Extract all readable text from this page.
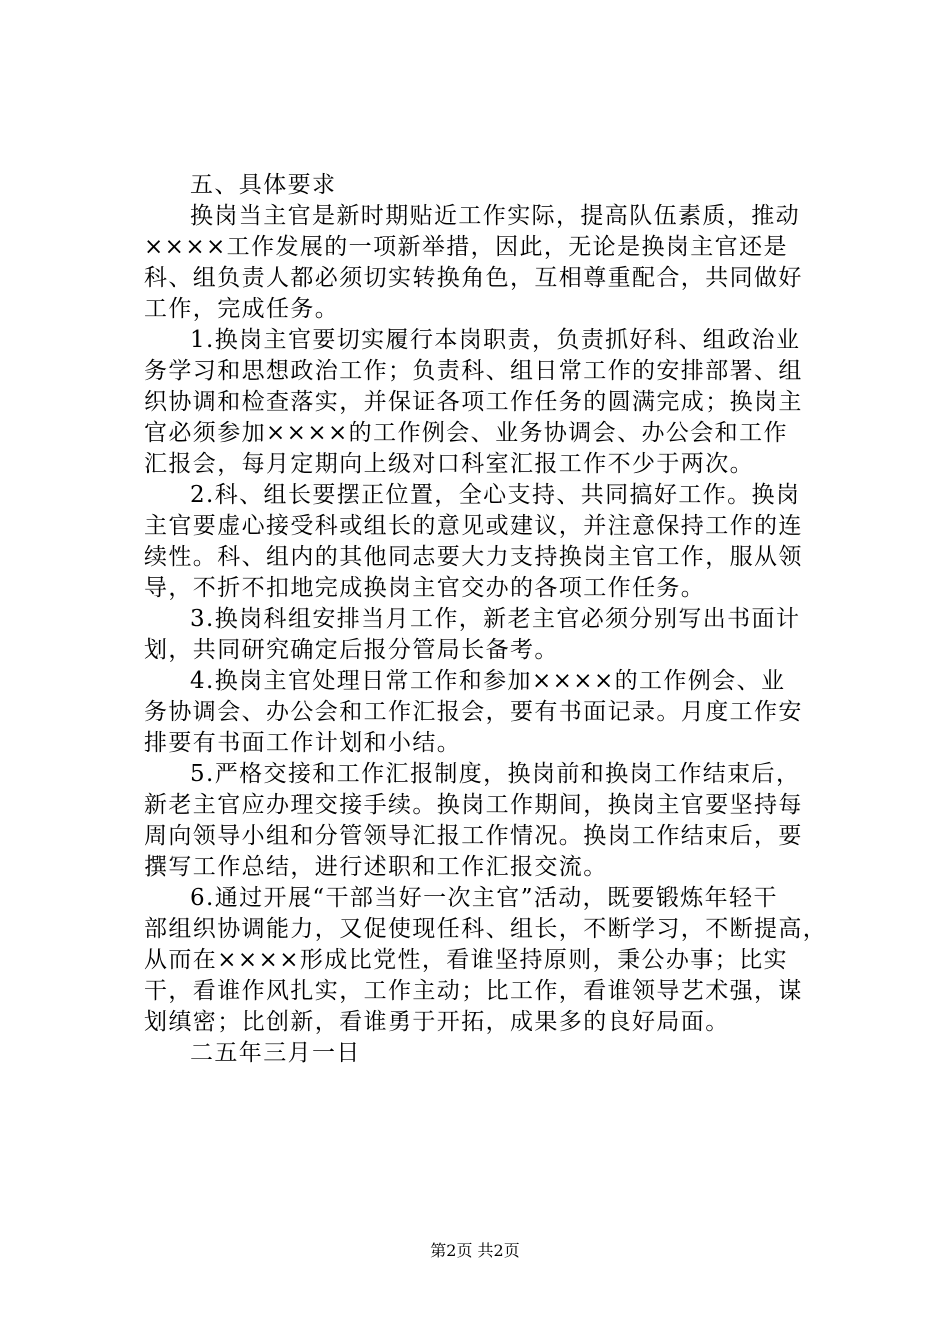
五、具体要求
换岗当主官是新时期贴近工作实际，提高队伍素质，推动
××××工作发展的一项新举措，因此，无论是换岗主官还是
科、组负责人都必须切实转换角色，互相尊重配合，共同做好
工作，完成任务。
1.换岗主官要切实履行本岗职责，负责抓好科、组政治业
务学习和思想政治工作；负责科、组日常工作的安排部署、组
织协调和检查落实，并保证各项工作任务的圆满完成；换岗主
官必须参加××××的工作例会、业务协调会、办公会和工作
汇报会，每月定期向上级对口科室汇报工作不少于两次。
2.科、组长要摆正位置，全心支持、共同搞好工作。换岗
主官要虚心接受科或组长的意见或建议，并注意保持工作的连
续性。科、组内的其他同志要大力支持换岗主官工作，服从领
导，不折不扣地完成换岗主官交办的各项工作任务。
3.换岗科组安排当月工作，新老主官必须分别写出书面计
划，共同研究确定后报分管局长备考。
4.换岗主官处理日常工作和参加××××的工作例会、业
务协调会、办公会和工作汇报会，要有书面记录。月度工作安
排要有书面工作计划和小结。
5.严格交接和工作汇报制度，换岗前和换岗工作结束后，
新老主官应办理交接手续。换岗工作期间，换岗主官要坚持每
周向领导小组和分管领导汇报工作情况。换岗工作结束后，要
撰写工作总结，进行述职和工作汇报交流。
6.通过开展“干部当好一次主官”活动，既要锻炼年轻干
部组织协调能力，又促使现任科、组长，不断学习，不断提高，
从而在××××形成比党性，看谁坚持原则，秉公办事；比实
干，看谁作风扎实，工作主动；比工作，看谁领导艺术强，谋
划缜密；比创新，看谁勇于开拓，成果多的良好局面。
二五年三月一日
第2页 共2页
